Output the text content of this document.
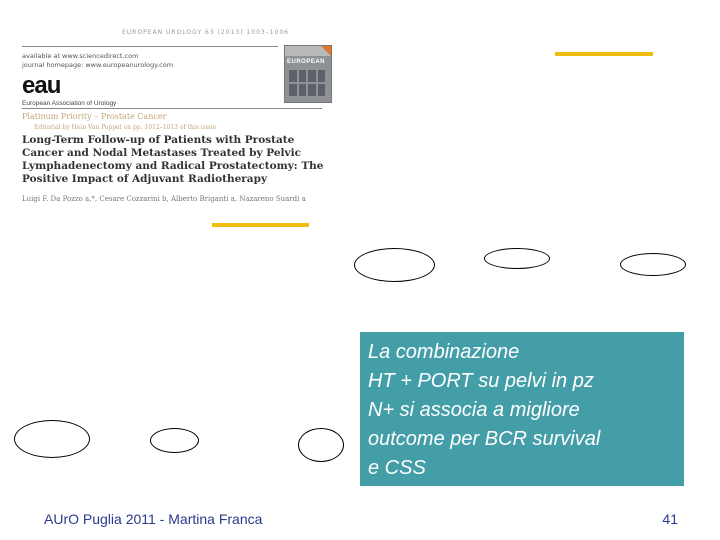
EUROPEAN UROLOGY 63 (2013) 1003–1006
available at www.sciencedirect.com
journal homepage: www.europeanurology.com
eau
European Association of Urology
Platinum Priority – Prostate Cancer
Editorial by Hein Van Poppel on pp. 1012–1013 of this issue
Long-Term Follow-up of Patients with Prostate Cancer and Nodal Metastases Treated by Pelvic Lymphadenectomy and Radical Prostatectomy: The Positive Impact of Adjuvant Radiotherapy
Luigi F. Da Pozzo a,*, Cesare Cozzarini b, Alberto Briganti a, Nazareno Suardi a
EUROPEAN
La combinazione
HT + PORT su pelvi in pz
N+ si associa a migliore
outcome per BCR survival
e CSS
AUrO Puglia 2011 - Martina Franca	41
